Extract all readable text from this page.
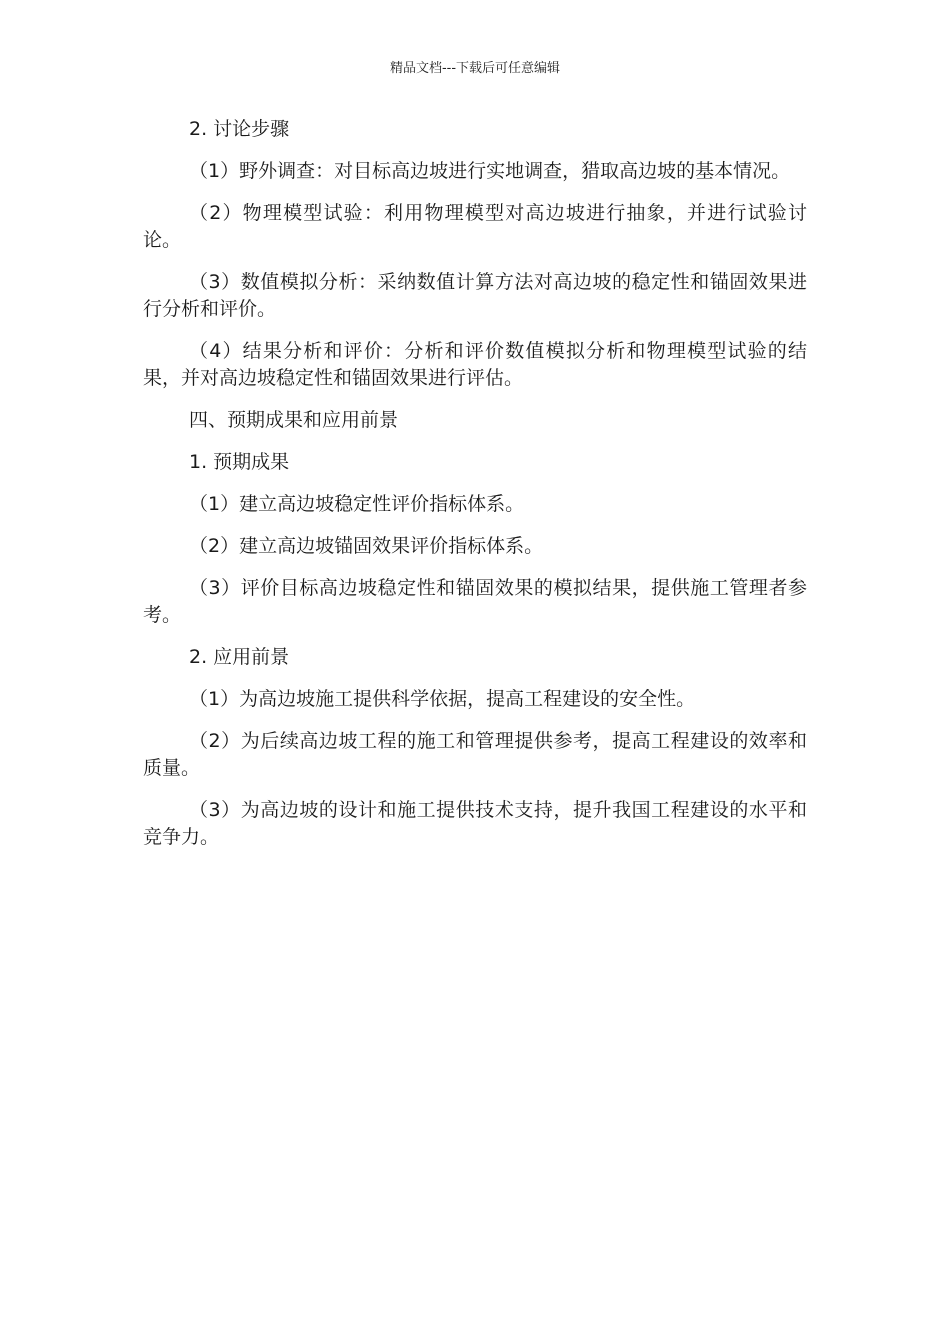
精品文档---下载后可任意编辑

2. 讨论步骤

（1）野外调查：对目标高边坡进行实地调查，猎取高边坡的基本情况。

（2）物理模型试验：利用物理模型对高边坡进行抽象，并进行试验讨论。

（3）数值模拟分析：采纳数值计算方法对高边坡的稳定性和锚固效果进行分析和评价。

（4）结果分析和评价：分析和评价数值模拟分析和物理模型试验的结果，并对高边坡稳定性和锚固效果进行评估。

四、预期成果和应用前景

1. 预期成果

（1）建立高边坡稳定性评价指标体系。

（2）建立高边坡锚固效果评价指标体系。

（3）评价目标高边坡稳定性和锚固效果的模拟结果，提供施工管理者参考。

2. 应用前景

（1）为高边坡施工提供科学依据，提高工程建设的安全性。

（2）为后续高边坡工程的施工和管理提供参考，提高工程建设的效率和质量。

（3）为高边坡的设计和施工提供技术支持，提升我国工程建设的水平和竞争力。
